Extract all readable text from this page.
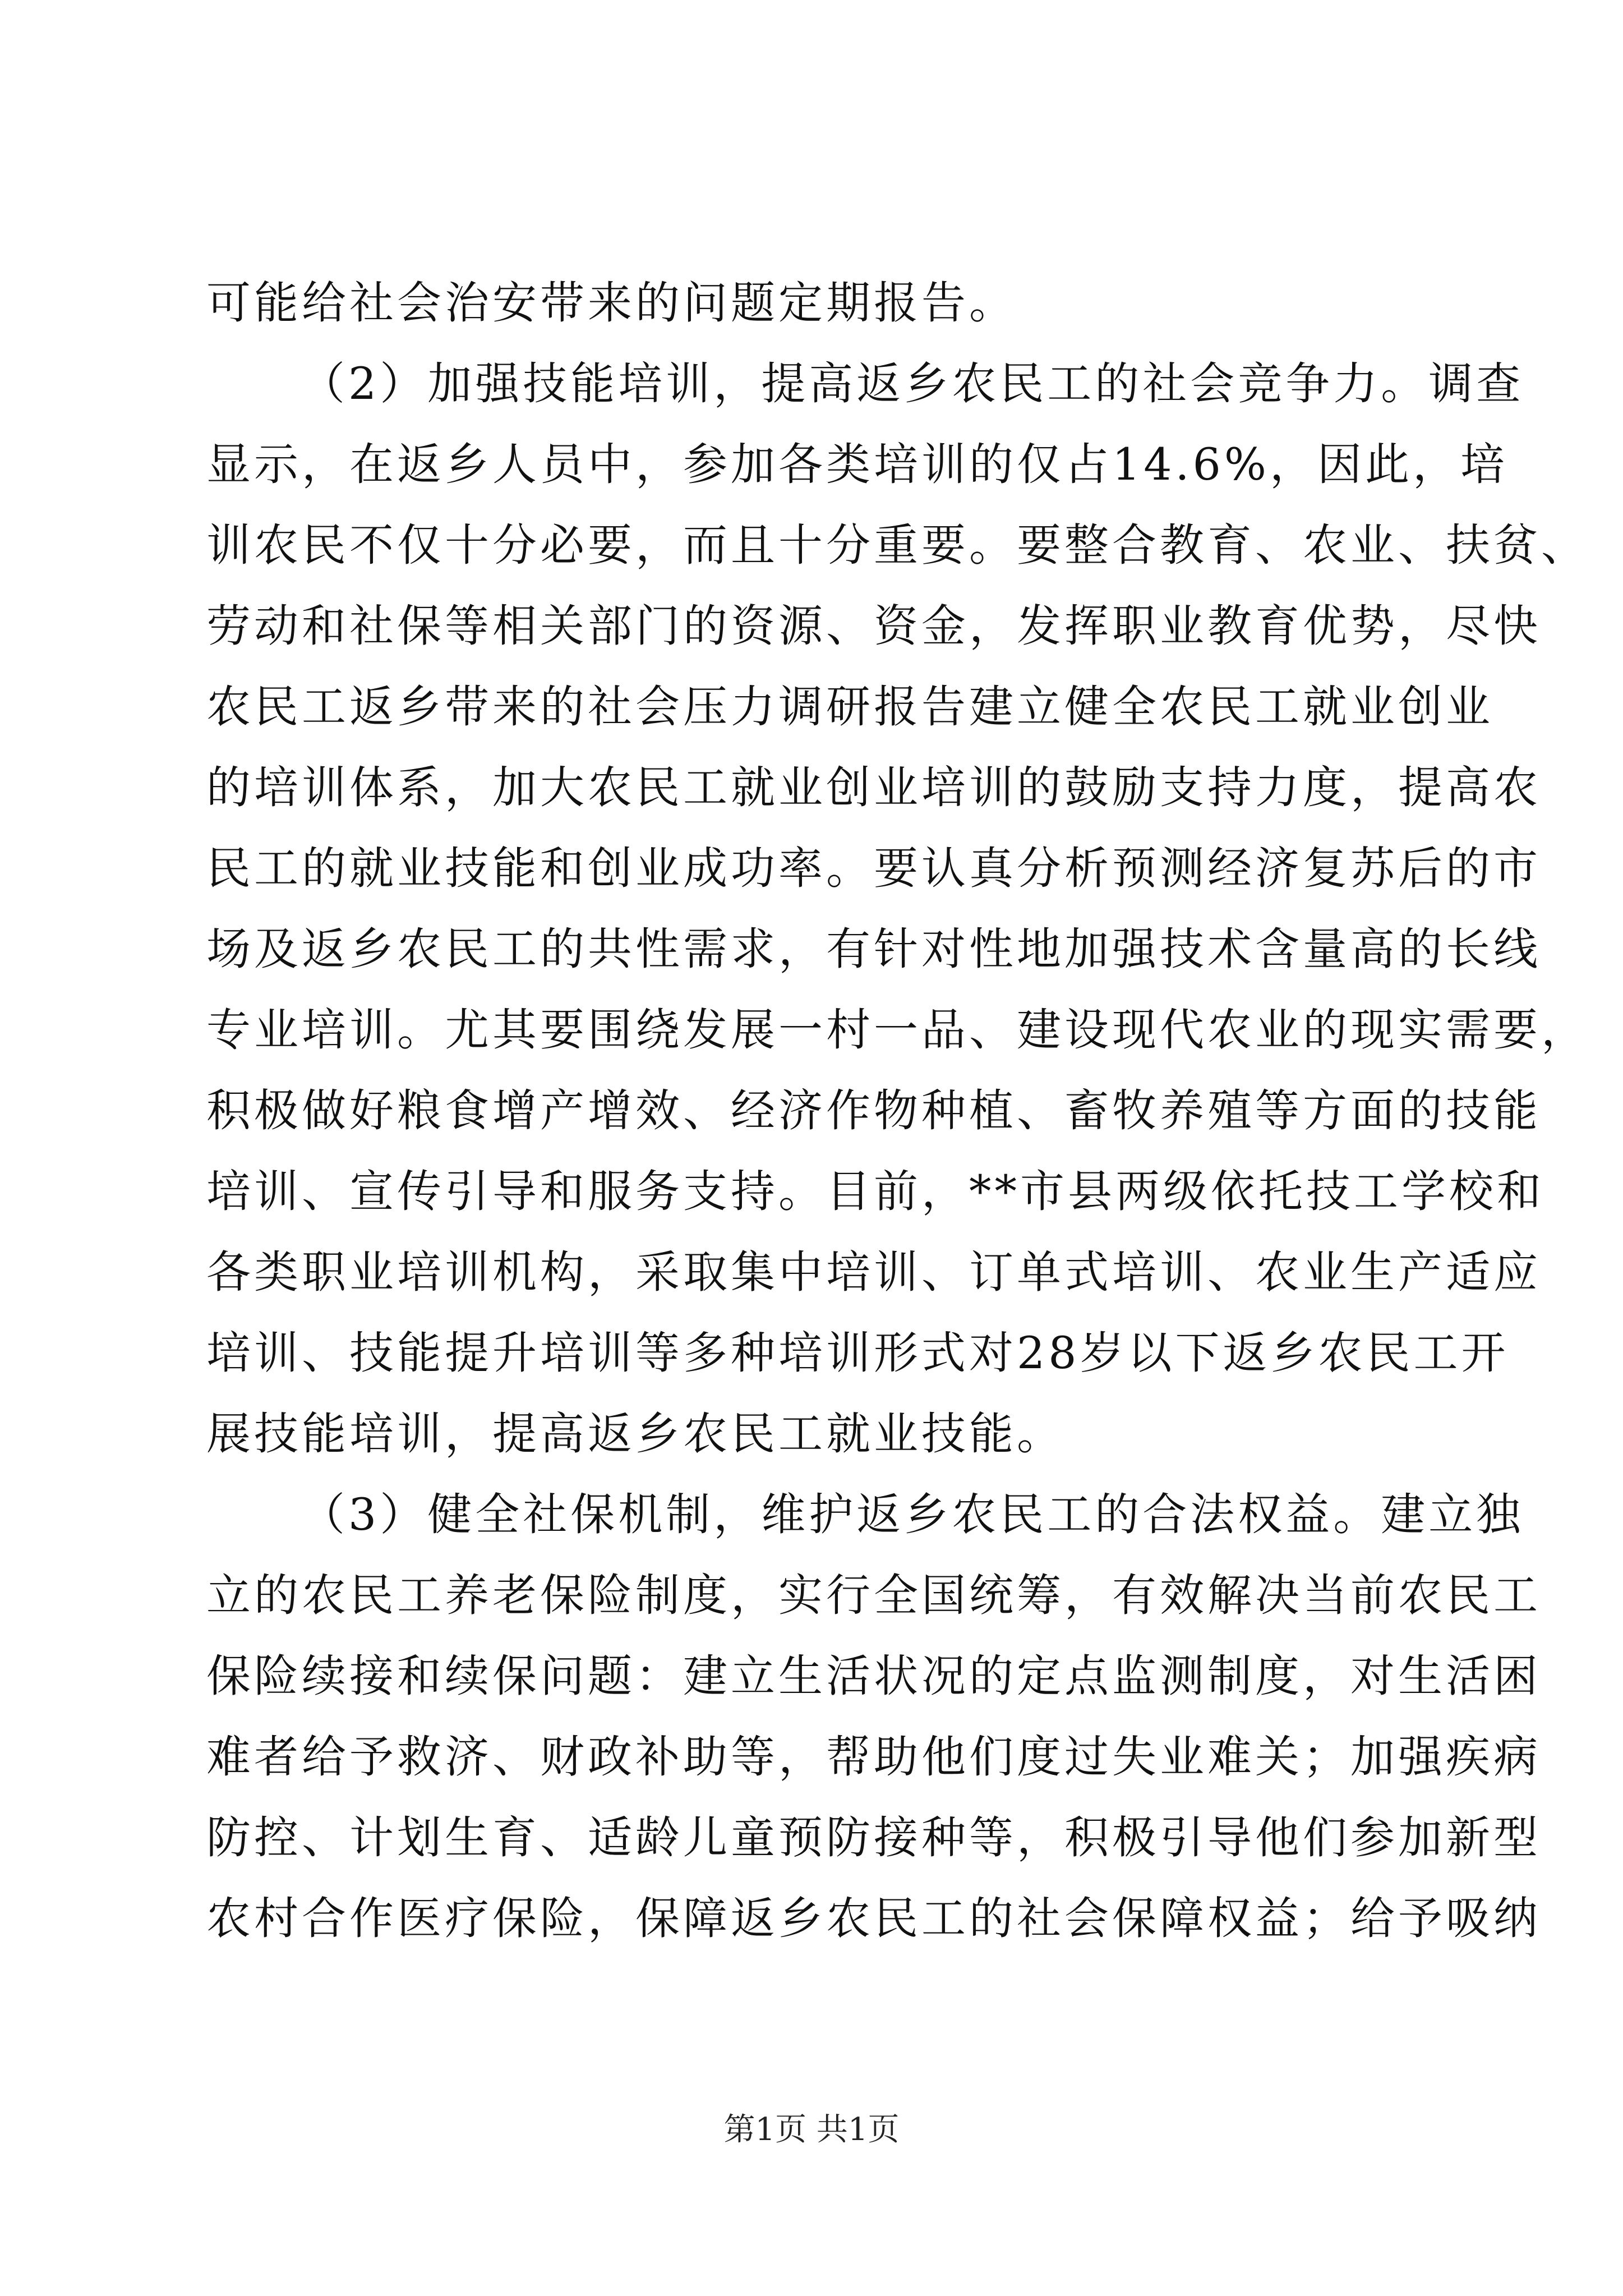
可能给社会治安带来的问题定期报告。
（2）加强技能培训，提高返乡农民工的社会竞争力。调查
显示，在返乡人员中，参加各类培训的仅占14.6%，因此，培
训农民不仅十分必要，而且十分重要。要整合教育、农业、扶贫、
劳动和社保等相关部门的资源、资金，发挥职业教育优势，尽快
农民工返乡带来的社会压力调研报告建立健全农民工就业创业
的培训体系，加大农民工就业创业培训的鼓励支持力度，提高农
民工的就业技能和创业成功率。要认真分析预测经济复苏后的市
场及返乡农民工的共性需求，有针对性地加强技术含量高的长线
专业培训。尤其要围绕发展一村一品、建设现代农业的现实需要，
积极做好粮食增产增效、经济作物种植、畜牧养殖等方面的技能
培训、宣传引导和服务支持。目前，**市县两级依托技工学校和
各类职业培训机构，采取集中培训、订单式培训、农业生产适应
培训、技能提升培训等多种培训形式对28岁以下返乡农民工开
展技能培训，提高返乡农民工就业技能。
（3）健全社保机制，维护返乡农民工的合法权益。建立独
立的农民工养老保险制度，实行全国统筹，有效解决当前农民工
保险续接和续保问题：建立生活状况的定点监测制度，对生活困
难者给予救济、财政补助等，帮助他们度过失业难关；加强疾病
防控、计划生育、适龄儿童预防接种等，积极引导他们参加新型
农村合作医疗保险，保障返乡农民工的社会保障权益；给予吸纳
第1页 共1页
